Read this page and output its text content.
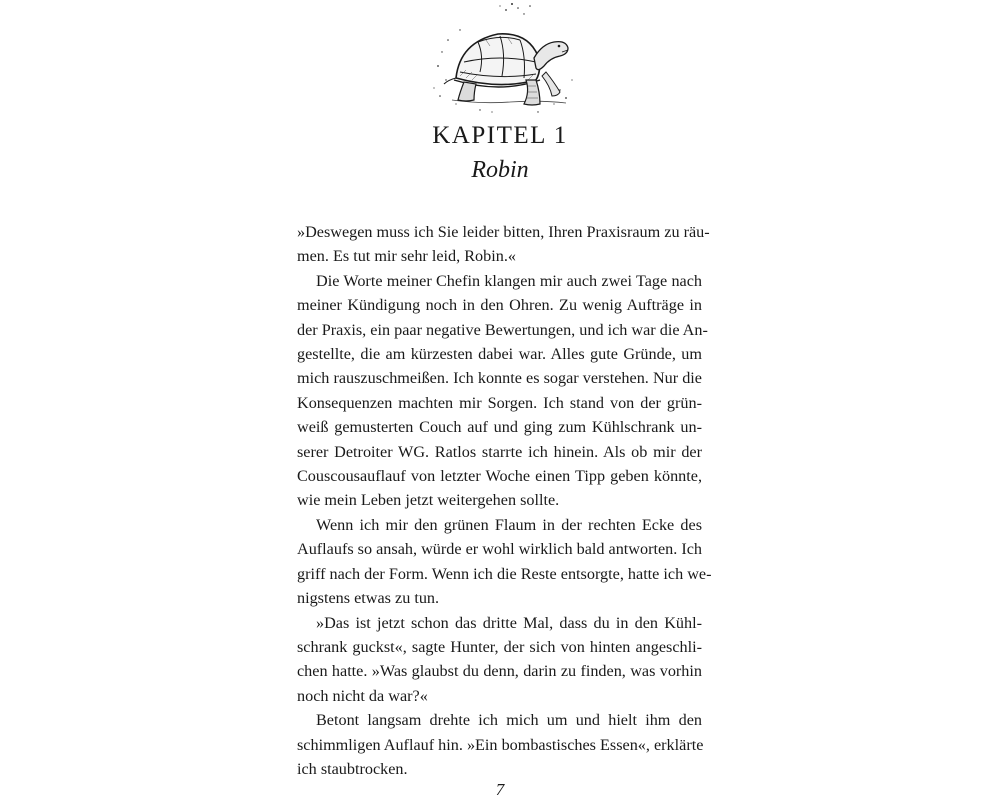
KAPITEL 1
Robin

»Deswegen muss ich Sie leider bitten, Ihren Praxisraum zu räu-
men. Es tut mir sehr leid, Robin.«

Die Worte meiner Chefin klangen mir auch zwei Tage nach
meiner Kündigung noch in den Ohren. Zu wenig Aufträge in
der Praxis, ein paar negative Bewertungen, und ich war die An-
gestellte, die am kürzesten dabei war. Alles gute Gründe, um
mich rauszuschmeißen. Ich konnte es sogar verstehen. Nur die
Konsequenzen machten mir Sorgen. Ich stand von der grün-
weiß gemusterten Couch auf und ging zum Kühlschrank un-
serer Detroiter WG. Ratlos starrte ich hinein. Als ob mir der
Couscousauflauf von letzter Woche einen Tipp geben könnte,
wie mein Leben jetzt weitergehen sollte.

Wenn ich mir den grünen Flaum in der rechten Ecke des
Auflaufs so ansah, würde er wohl wirklich bald antworten. Ich
griff nach der Form. Wenn ich die Reste entsorgte, hatte ich we-
nigstens etwas zu tun.

»Das ist jetzt schon das dritte Mal, dass du in den Kühl-
schrank guckst«, sagte Hunter, der sich von hinten angeschli-
chen hatte. »Was glaubst du denn, darin zu finden, was vorhin
noch nicht da war?«

Betont langsam drehte ich mich um und hielt ihm den
schimmligen Auflauf hin. »Ein bombastisches Essen«, erklärte
ich staubtrocken.

7
